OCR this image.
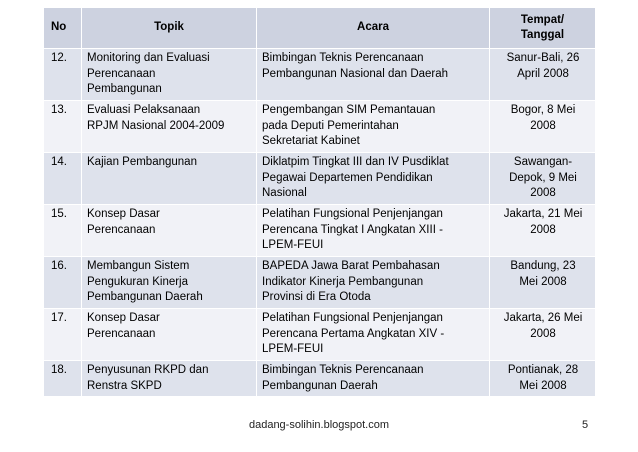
No	Topik	Acara	Tempat/
Tanggal
12.	Monitoring dan Evaluasi
Perencanaan
Pembangunan	Bimbingan Teknis Perencanaan
Pembangunan Nasional dan Daerah	Sanur-Bali, 26
April 2008
13.	Evaluasi Pelaksanaan
RPJM Nasional 2004-2009	Pengembangan SIM Pemantauan
pada Deputi Pemerintahan
Sekretariat Kabinet	Bogor, 8 Mei
2008
14.	Kajian Pembangunan	Diklatpim Tingkat III dan IV Pusdiklat
Pegawai Departemen Pendidikan
Nasional	Sawangan-
Depok, 9 Mei
2008
15.	Konsep Dasar
Perencanaan	Pelatihan Fungsional Penjenjangan
Perencana Tingkat I Angkatan XIII -
LPEM-FEUI	Jakarta, 21 Mei
2008
16.	Membangun Sistem
Pengukuran Kinerja
Pembangunan Daerah	BAPEDA Jawa Barat Pembahasan
Indikator Kinerja Pembangunan
Provinsi di Era Otoda	Bandung, 23
Mei 2008
17.	Konsep Dasar
Perencanaan	Pelatihan Fungsional Penjenjangan
Perencana Pertama Angkatan XIV -
LPEM-FEUI	Jakarta, 26 Mei
2008
18.	Penyusunan RKPD dan
Renstra SKPD	Bimbingan Teknis Perencanaan
Pembangunan Daerah	Pontianak, 28
Mei 2008
dadang-solihin.blogspot.com	5
